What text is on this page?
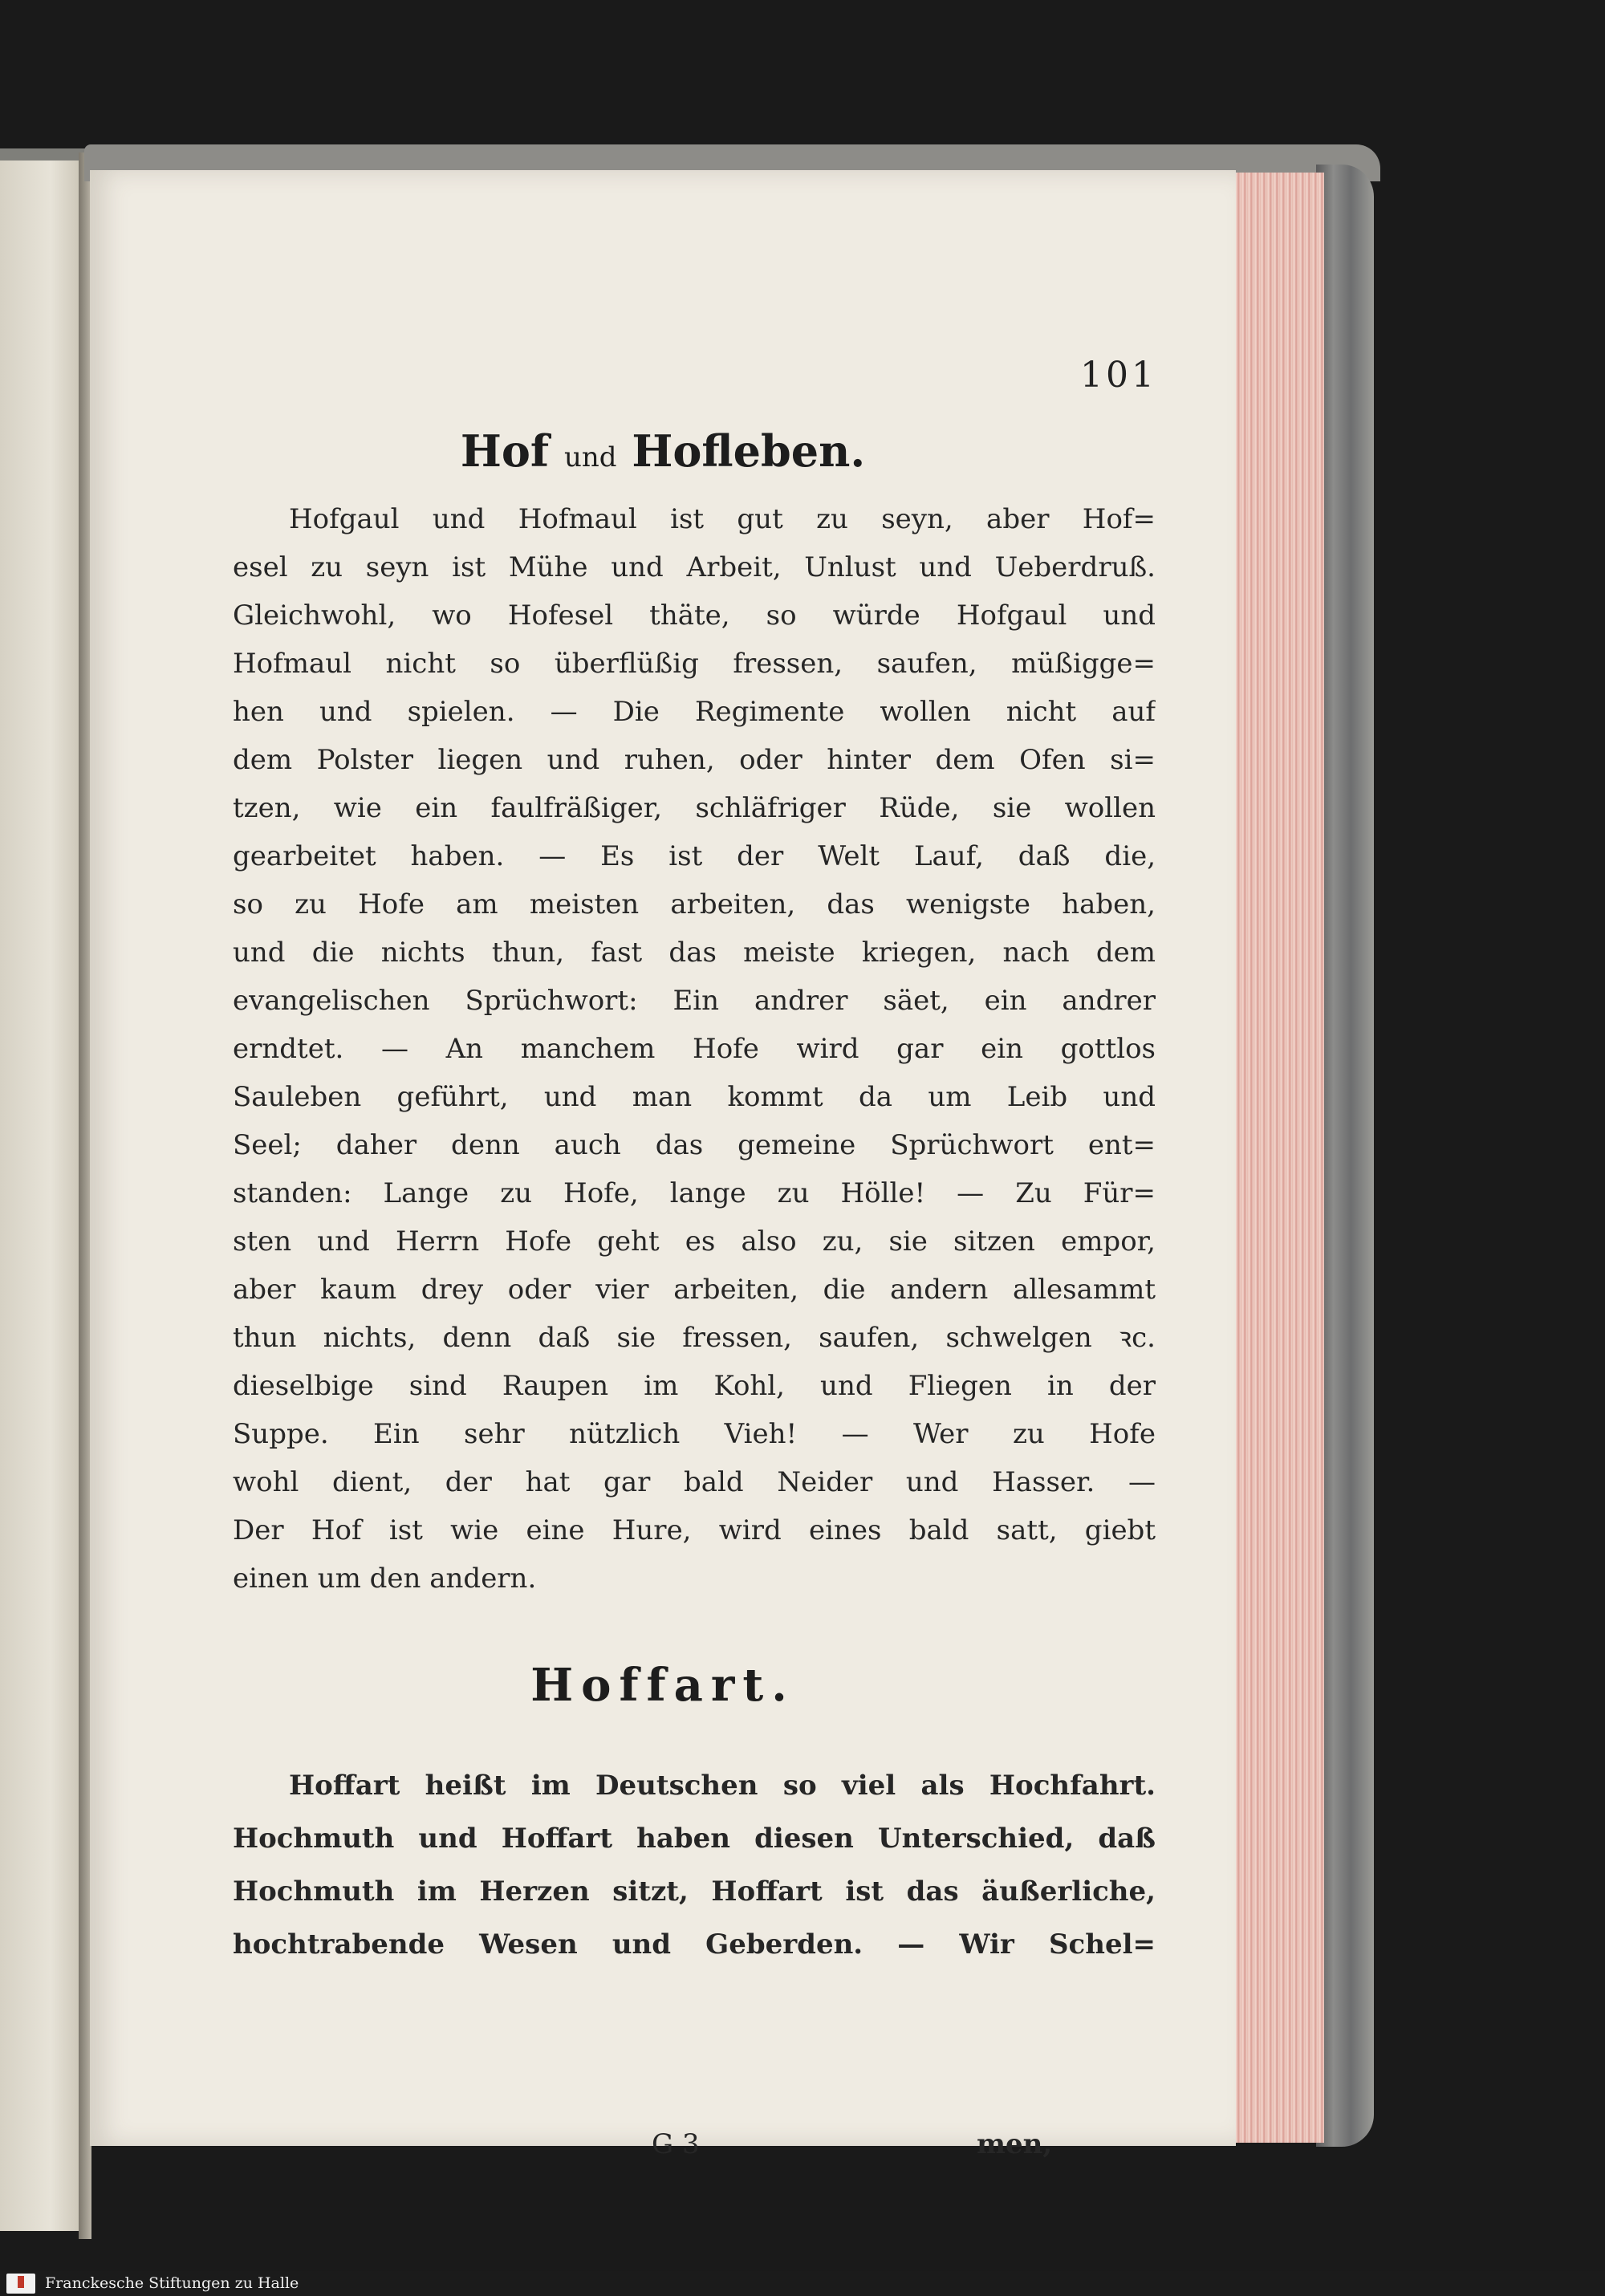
101
Hof und Hofleben.
Hofgaul und Hofmaul ist gut zu seyn, aber Hof=
esel zu seyn ist Mühe und Arbeit, Unlust und Ueberdruß.
Gleichwohl, wo Hofesel thäte, so würde Hofgaul und
Hofmaul nicht so überflüßig fressen, saufen, müßigge=
hen und spielen. — Die Regimente wollen nicht auf
dem Polster liegen und ruhen, oder hinter dem Ofen si=
tzen, wie ein faulfräßiger, schläfriger Rüde, sie wollen
gearbeitet haben. — Es ist der Welt Lauf, daß die,
so zu Hofe am meisten arbeiten, das wenigste haben,
und die nichts thun, fast das meiste kriegen, nach dem
evangelischen Sprüchwort: Ein andrer säet, ein andrer
erndtet. — An manchem Hofe wird gar ein gottlos
Sauleben geführt, und man kommt da um Leib und
Seel; daher denn auch das gemeine Sprüchwort ent=
standen: Lange zu Hofe, lange zu Hölle! — Zu Für=
sten und Herrn Hofe geht es also zu, sie sitzen empor,
aber kaum drey oder vier arbeiten, die andern allesammt
thun nichts, denn daß sie fressen, saufen, schwelgen ꝛc.
dieselbige sind Raupen im Kohl, und Fliegen in der
Suppe. Ein sehr nützlich Vieh! — Wer zu Hofe
wohl dient, der hat gar bald Neider und Hasser. —
Der Hof ist wie eine Hure, wird eines bald satt, giebt
einen um den andern.
Hoffart.
Hoffart heißt im Deutschen so viel als Hochfahrt.
Hochmuth und Hoffart haben diesen Unterschied, daß
Hochmuth im Herzen sitzt, Hoffart ist das äußerliche,
hochtrabende Wesen und Geberden. — Wir Schel=
G 3	men,
Franckesche Stiftungen zu Halle
